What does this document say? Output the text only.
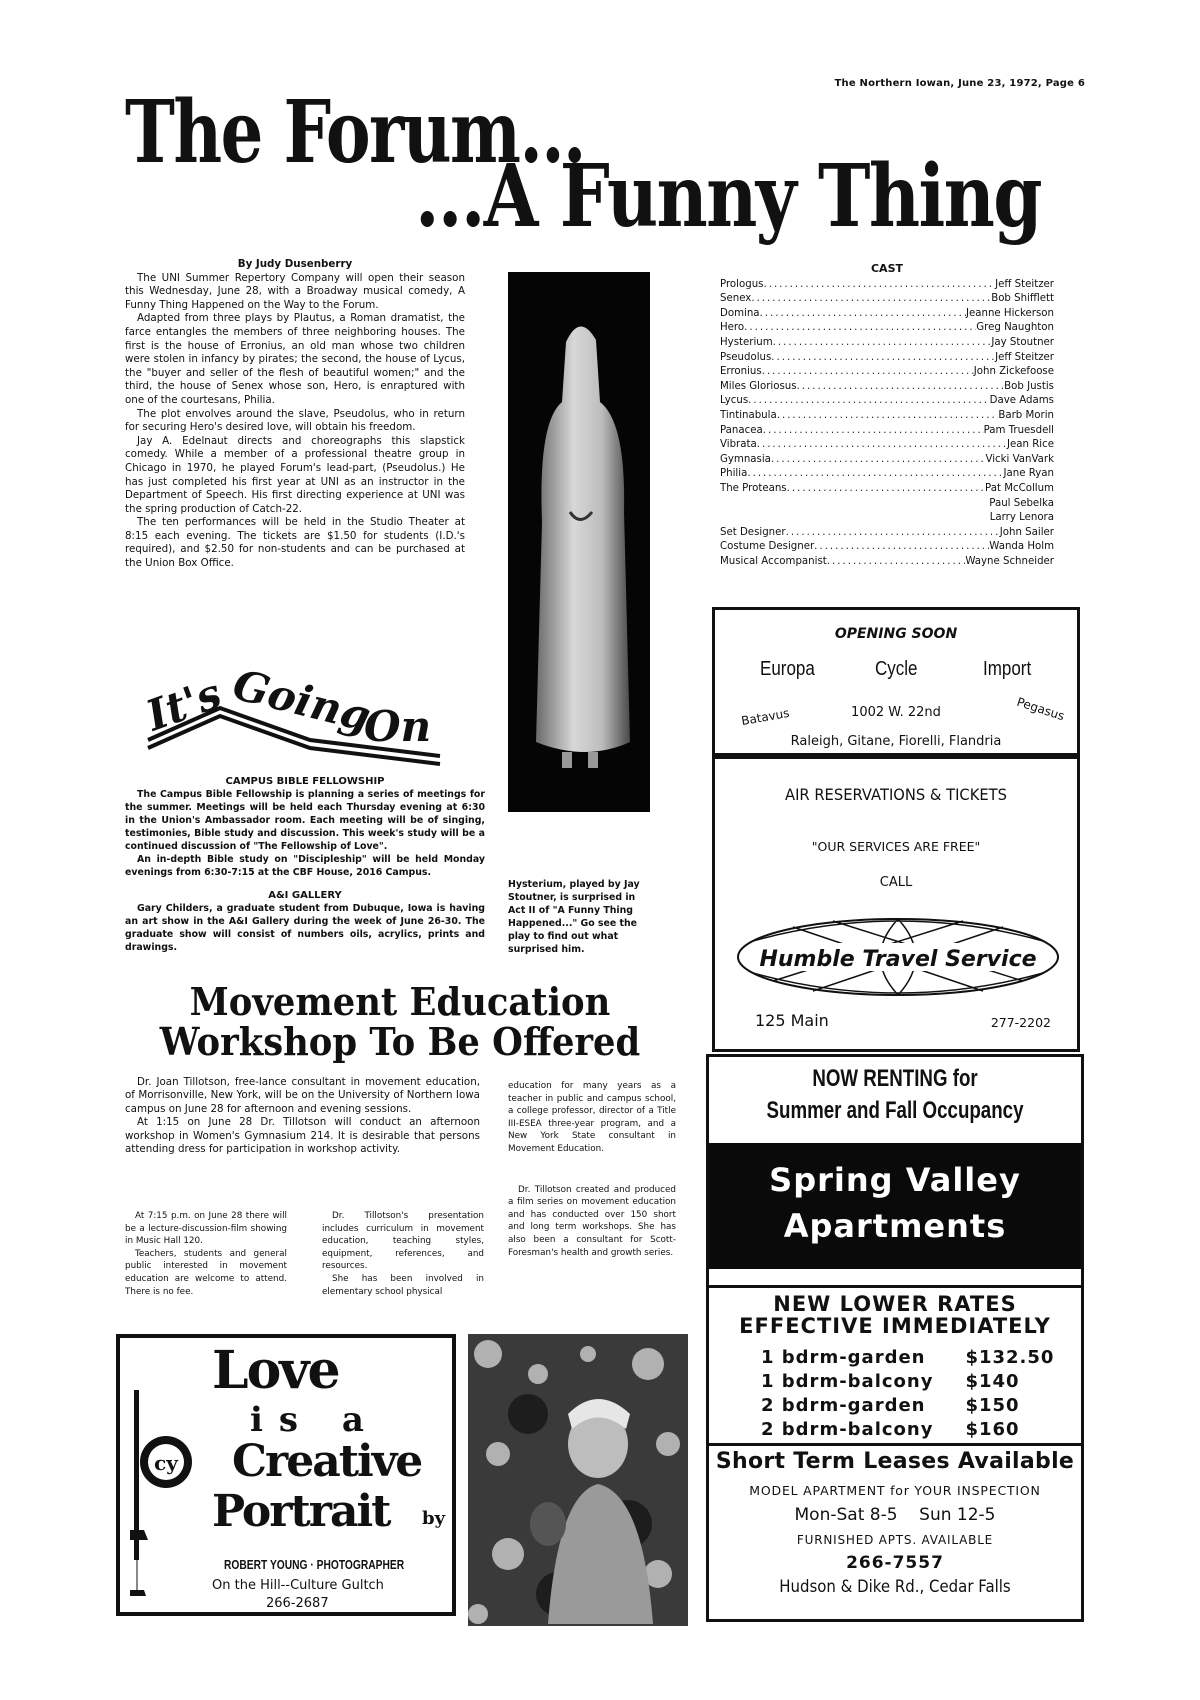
The Northern Iowan, June 23, 1972, Page 6
The Forum...
...A Funny Thing
By Judy Dusenberry

The UNI Summer Repertory Company will open their season this Wednesday, June 28, with a Broadway musical comedy, A Funny Thing Happened on the Way to the Forum.

Adapted from three plays by Plautus, a Roman dramatist, the farce entangles the members of three neighboring houses. The first is the house of Erronius, an old man whose two children were stolen in infancy by pirates; the second, the house of Lycus, the "buyer and seller of the flesh of beautiful women;" and the third, the house of Senex whose son, Hero, is enraptured with one of the courtesans, Philia.

The plot envolves around the slave, Pseudolus, who in return for securing Hero's desired love, will obtain his freedom.

Jay A. Edelnaut directs and choreographs this slapstick comedy. While a member of a professional theatre group in Chicago in 1970, he played Forum's lead-part, (Pseudolus.) He has just completed his first year at UNI as an instructor in the Department of Speech. His first directing experience at UNI was the spring production of Catch-22.

The ten performances will be held in the Studio Theater at 8:15 each evening. The tickets are $1.50 for students (I.D.'s required), and $2.50 for non-students and can be purchased at the Union Box Office.

Hysterium, played by Jay Stoutner, is surprised in Act II of "A Funny Thing Happened..." Go see the play to find out what surprised him.
It's Going
On
CAMPUS BIBLE FELLOWSHIP

The Campus Bible Fellowship is planning a series of meetings for the summer. Meetings will be held each Thursday evening at 6:30 in the Union's Ambassador room. Each meeting will be of singing, testimonies, Bible study and discussion. This week's study will be a continued discussion of "The Fellowship of Love".

An in-depth Bible study on "Discipleship" will be held Monday evenings from 6:30-7:15 at the CBF House, 2016 Campus.

A&I GALLERY

Gary Childers, a graduate student from Dubuque, Iowa is having an art show in the A&I Gallery during the week of June 26-30. The graduate show will consist of numbers oils, acrylics, prints and drawings.

CAST
Prologus .....	Jeff Steitzer
Senex .....	Bob Shifflett
Domina .....	Jeanne Hickerson
Hero .....	Greg Naughton
Hysterium .....	Jay Stoutner
Pseudolus .....	Jeff Steitzer
Erronius .....	John Zickefoose
Miles Gloriosus .....	Bob Justis
Lycus .....	Dave Adams
Tintinabula .....	Barb Morin
Panacea .....	Pam Truesdell
Vibrata .....	Jean Rice
Gymnasia .....	Vicki VanVark
Philia .....	Jane Ryan
The Proteans .....	Pat McCollum
Paul Sebelka
Larry Lenora
Set Designer .....	John Sailer
Costume Designer .....	Wanda Holm
Musical Accompanist .....	Wayne Schneider
OPENING SOON
Europa	Cycle	Import
Batavus	1002 W. 22nd	Pegasus
Raleigh, Gitane, Fiorelli, Flandria
AIR RESERVATIONS & TICKETS
"OUR SERVICES ARE FREE"
CALL
Humble Travel Service
125 Main	277-2202
Movement Education Workshop To Be Offered

Dr. Joan Tillotson, free-lance consultant in movement education, of Morrisonville, New York, will be on the University of Northern Iowa campus on June 28 for afternoon and evening sessions.

At 1:15 on June 28 Dr. Tillotson will conduct an afternoon workshop in Women's Gymnasium 214. It is desirable that persons attending dress for participation in workshop activity.

At 7:15 p.m. on June 28 there will be a lecture-discussion-film showing in Music Hall 120.

Teachers, students and general public interested in movement education are welcome to attend. There is no fee.

Dr. Tillotson's presentation includes curriculum in movement education, teaching styles, equipment, references, and resources.

She has been involved in elementary school physical

education for many years as a teacher in public and campus school, a college professor, director of a Title III-ESEA three-year program, and a New York State consultant in Movement Education.

Dr. Tillotson created and produced a film series on movement education and has conducted over 150 short and long term workshops. She has also been a consultant for Scott-Foresman's health and growth series.

cy
Love
is a
Creative
Portrait by
ROBERT YOUNG · PHOTOGRAPHER
On the Hill--Culture Gultch
266-2687
NOW RENTING for
Summer and Fall Occupancy
Spring Valley
Apartments
NEW LOWER RATES
EFFECTIVE IMMEDIATELY
1 bdrm-garden	$132.50
1 bdrm-balcony	$140
2 bdrm-garden	$150
2 bdrm-balcony	$160
Short Term Leases Available
MODEL APARTMENT for YOUR INSPECTION
Mon-Sat 8-5    Sun 12-5
FURNISHED APTS. AVAILABLE
266-7557
Hudson & Dike Rd., Cedar Falls
